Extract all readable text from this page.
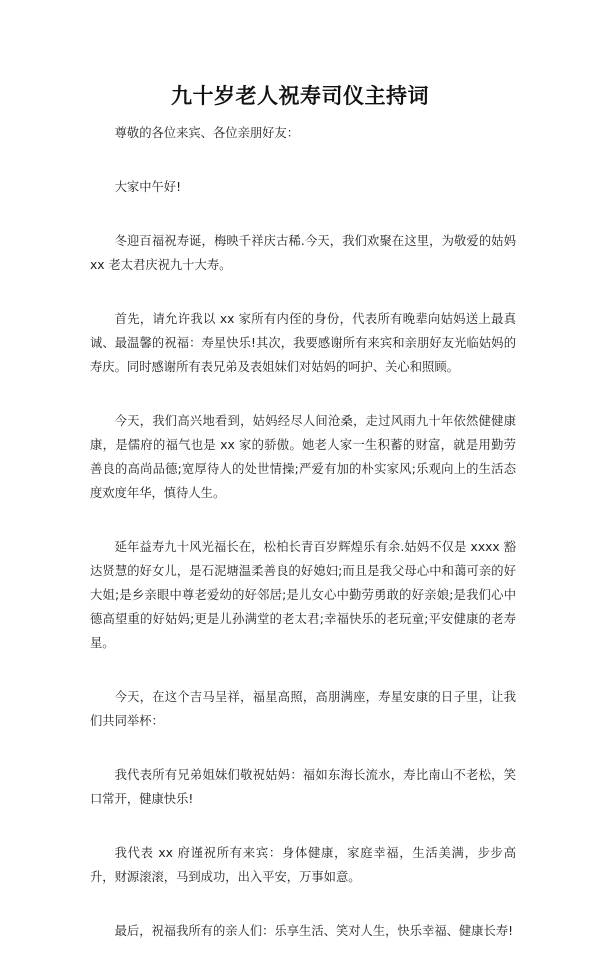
九十岁老人祝寿司仪主持词

尊敬的各位来宾、各位亲朋好友：

大家中午好!

冬迎百福祝寿诞，梅映千祥庆古稀.今天，我们欢聚在这里，为敬爱的姑妈 xx 老太君庆祝九十大寿。

首先，请允许我以 xx 家所有内侄的身份，代表所有晚辈向姑妈送上最真诚、最温馨的祝福：寿星快乐!其次，我要感谢所有来宾和亲朋好友光临姑妈的寿庆。同时感谢所有表兄弟及表姐妹们对姑妈的呵护、关心和照顾。

今天，我们高兴地看到，姑妈经尽人间沧桑，走过风雨九十年依然健健康康，是儒府的福气也是 xx 家的骄傲。她老人家一生积蓄的财富，就是用勤劳善良的高尚品德;宽厚待人的处世情操;严爱有加的朴实家风;乐观向上的生活态度欢度年华，慎待人生。

延年益寿九十风光福长在，松柏长青百岁辉煌乐有余.姑妈不仅是 xxxx 豁达贤慧的好女儿，是石泥塘温柔善良的好媳妇;而且是我父母心中和蔼可亲的好大姐;是乡亲眼中尊老爱幼的好邻居;是儿女心中勤劳勇敢的好亲娘;是我们心中德高望重的好姑妈;更是儿孙满堂的老太君;幸福快乐的老玩童;平安健康的老寿星。

今天，在这个吉马呈祥，福星高照，高朋满座，寿星安康的日子里，让我们共同举杯：

我代表所有兄弟姐妹们敬祝姑妈：福如东海长流水，寿比南山不老松，笑口常开，健康快乐!

我代表 xx 府谨祝所有来宾：身体健康，家庭幸福，生活美满，步步高升，财源滚滚，马到成功，出入平安，万事如意。

最后，祝福我所有的亲人们：乐享生活、笑对人生，快乐幸福、健康长寿!
